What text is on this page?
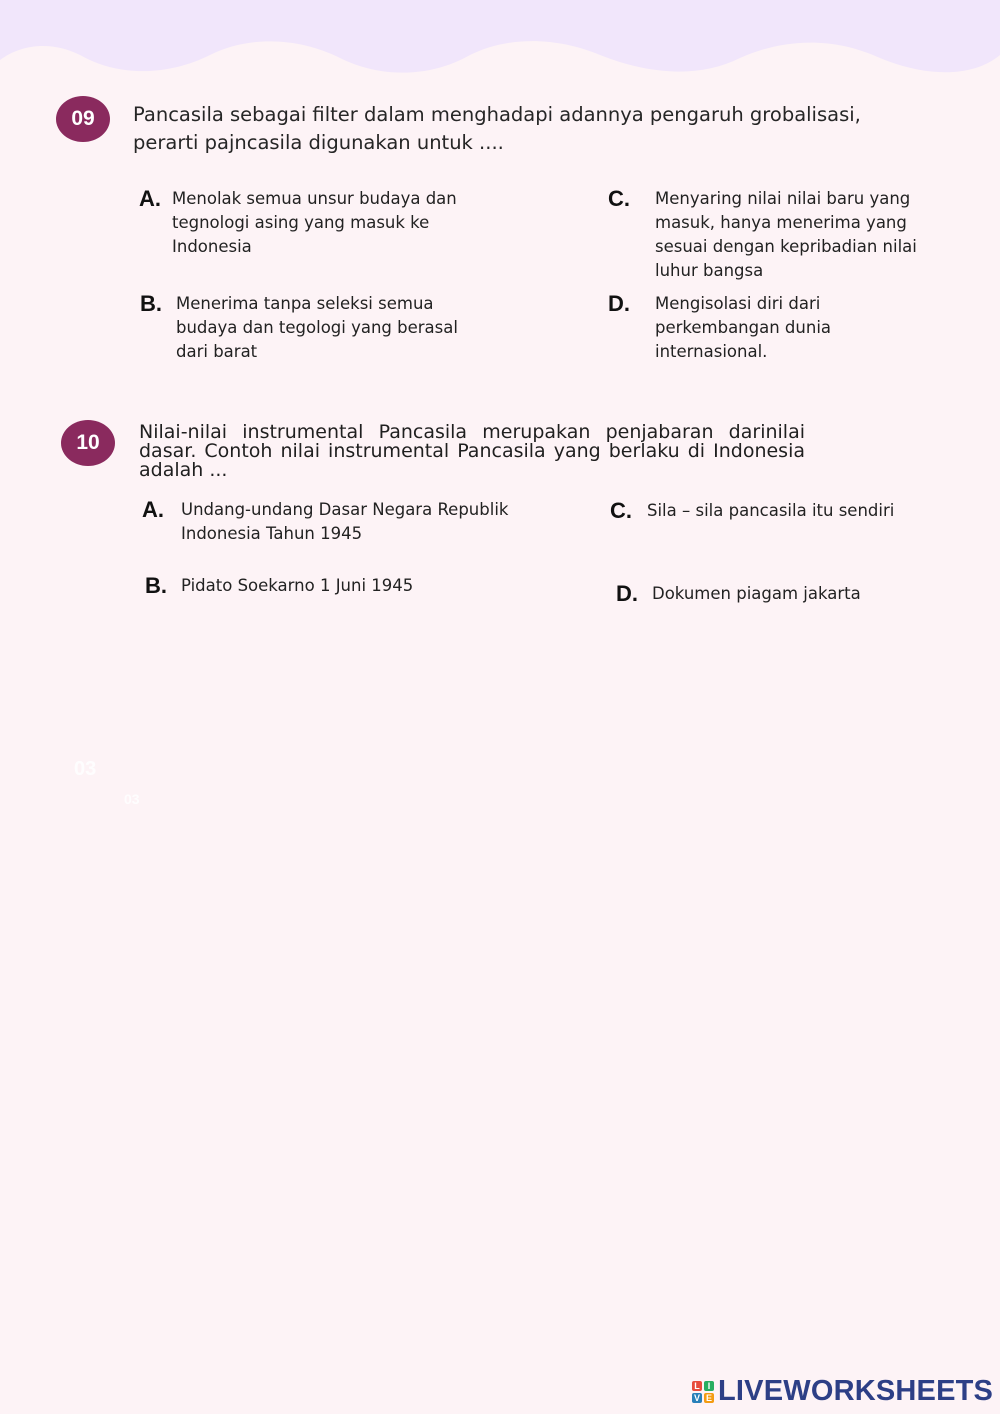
09	Pancasila sebagai filter dalam menghadapi adannya pengaruh grobalisasi, perarti pajncasila digunakan untuk ....
A. Menolak semua unsur budaya dan tegnologi asing yang masuk ke Indonesia
B. Menerima tanpa seleksi semua budaya dan tegologi yang berasal dari barat
C.	Menyaring nilai nilai baru yang masuk, hanya menerima yang sesuai dengan kepribadian nilai luhur bangsa
D.	Mengisolasi diri dari perkembangan dunia internasional.
10	Nilai-nilai instrumental Pancasila merupakan penjabaran darinilai dasar. Contoh nilai instrumental Pancasila yang berlaku di Indonesia adalah ...
A.	Undang-undang Dasar Negara Republik Indonesia Tahun 1945
B. Pidato Soekarno 1 Juni 1945
C. Sila – sila pancasila itu sendiri
D. Dokumen piagam jakarta
03
03
L I
V E LIVEWORKSHEETS
